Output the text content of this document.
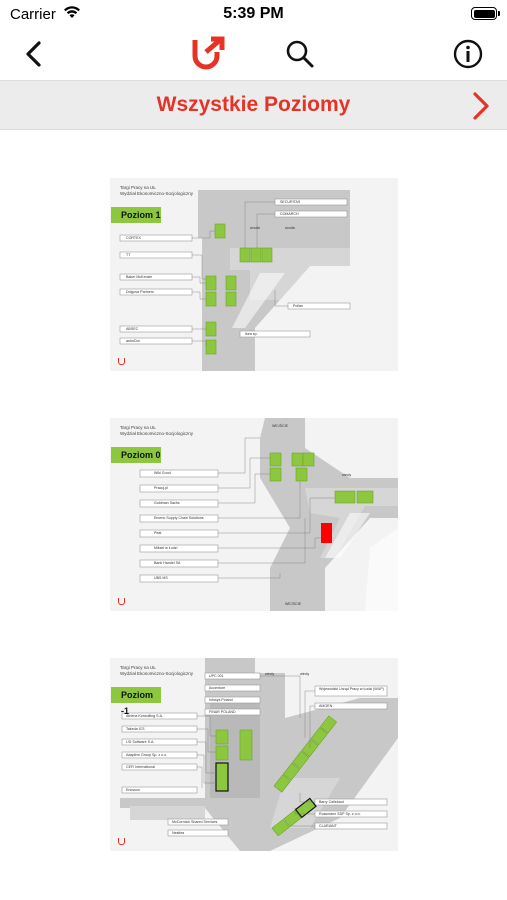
Carrier	5:39 PM
Wszystkie Poziomy
Targi Pracy na UŁ
Wydział Ekonomiczno-Socjologiczny
Poziom 1
CORTEX
TT
Baker McKenzie
Dolgova Partners
ABSEC
astroDot
SECURITAS
COMARCH
Pollan
Ikea sp.
wnotic	wnotic
Targi Pracy na UŁ
Wydział Ekonomiczno-Socjologiczny
Poziom 0
WEJŚCIE
Wiki Good
Pracuj.pl
Goldman Sachs
Emerio Supply Chain Solutions
Peat
Miksel w Łodzi
Bank Handel SA
UBS MS
windy
WEJŚCIE
Targi Pracy na UŁ
Wydział Ekonomiczno-Socjologiczny
Poziom -1
UPC 001
Accenture
Infosys Poland
FINAR POLAND
Athena Konsulting S.A.
Takeda ICS
LSI Software S.A.
Adaptive Group Sp. z o.o.
CEFI International
Ericsson
Wojewódzki Urząd Pracy w Łodzi (WUP)
AMGEN
Barry Callebaut
Rossmann SDP Sp. z o.o.
CLARIANT
McCormick Shared Services
Nestlea
windy	windy
